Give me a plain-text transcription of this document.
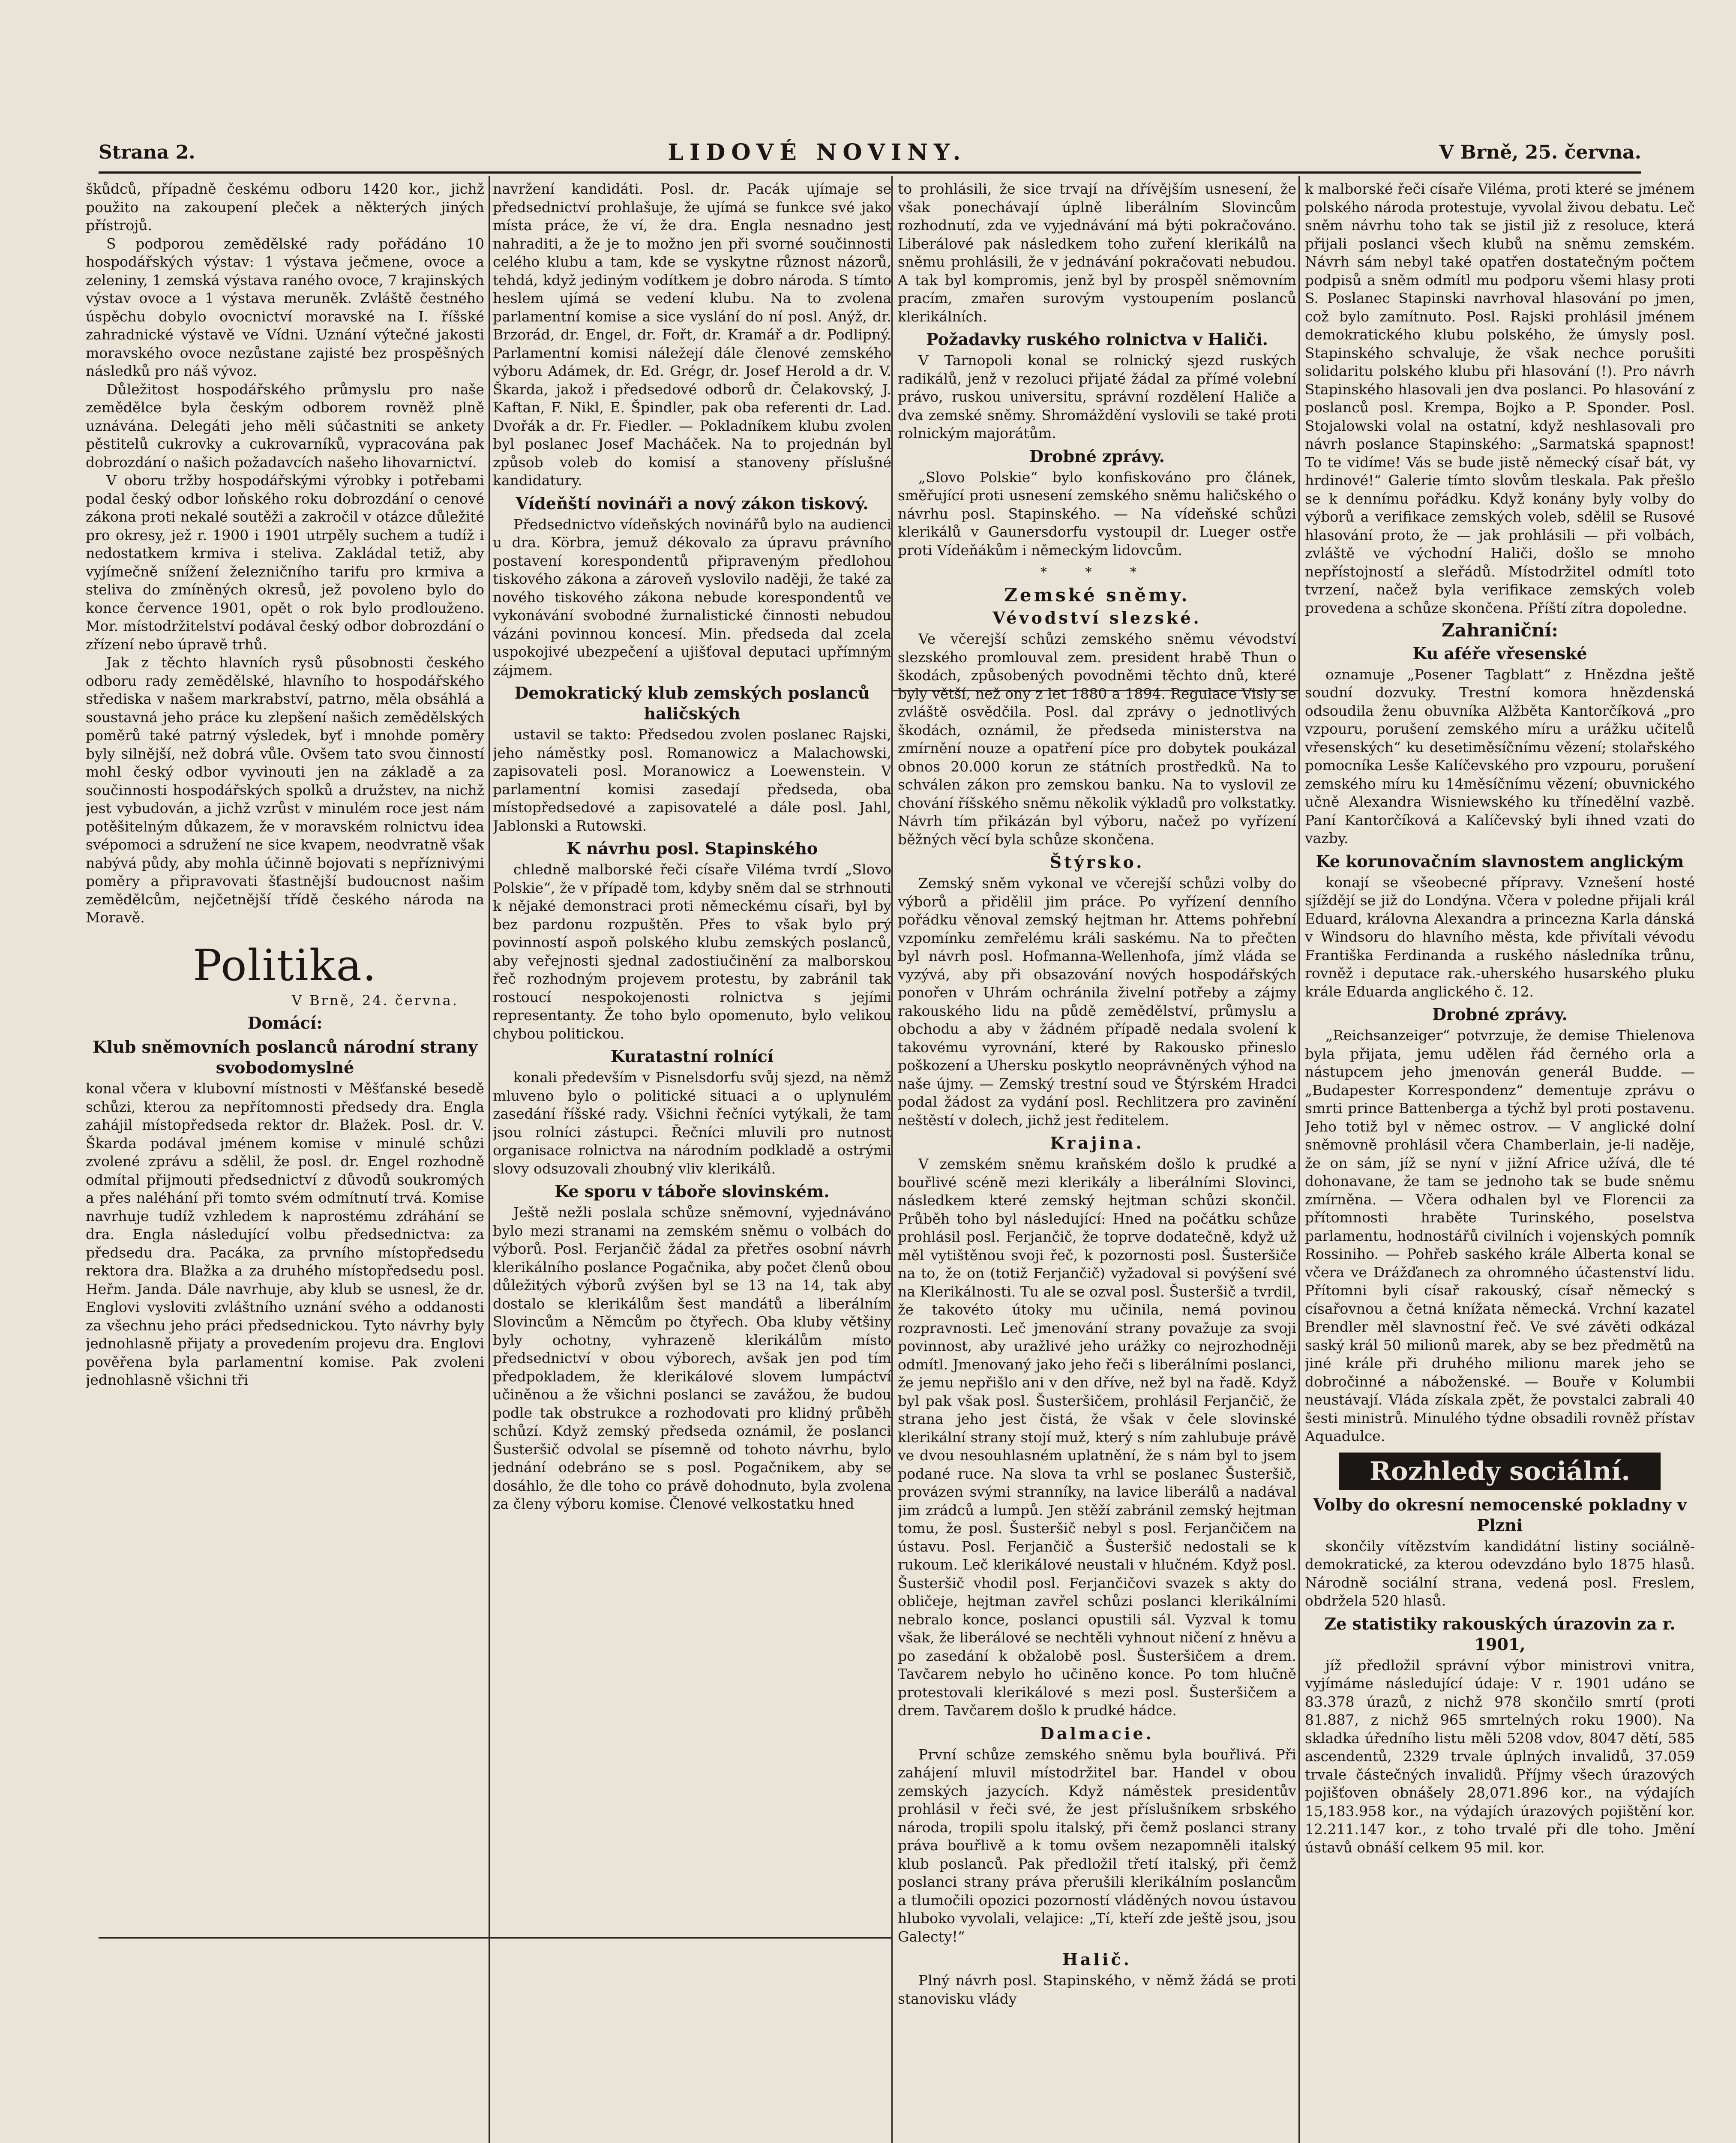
Strana 2.	LIDOVÉ NOVINY.	V Brně, 25. června.

škůdců, případně českému odboru 1420 kor., jichž použito na zakoupení pleček a některých jiných přístrojů.

S podporou zemědělské rady pořádáno 10 hospodářských výstav: 1 výstava ječmene, ovoce a zeleniny, 1 zemská výstava raného ovoce, 7 krajinských výstav ovoce a 1 výstava meruněk. Zvláště čestného úspěchu dobylo ovocnictví moravské na I. říšské zahradnické výstavě ve Vídni. Uznání výtečné jakosti moravského ovoce nezůstane zajisté bez prospěšných následků pro náš vývoz.

Důležitost hospodářského průmyslu pro naše zemědělce byla českým odborem rovněž plně uznávána. Delegáti jeho měli súčastniti se ankety pěstitelů cukrovky a cukrovarníků, vypracována pak dobrozdání o našich požadavcích našeho lihovarnictví.

V oboru tržby hospodářskými výrobky i potřebami podal český odbor loňského roku dobrozdání o cenové zákona proti nekalé soutěži a zakročil v otázce důležité pro okresy, jež r. 1900 i 1901 utrpěly suchem a tudíž i nedostatkem krmiva i steliva. Zakládal tetiž, aby vyjímečně snížení železničního tarifu pro krmiva a steliva do zmíněných okresů, jež povoleno bylo do konce července 1901, opět o rok bylo prodlouženo. Mor. místodržitelství podával český odbor dobrozdání o zřízení nebo úpravě trhů.

Jak z těchto hlavních rysů působnosti českého odboru rady zemědělské, hlavního to hospodářského střediska v našem markrabství, patrno, měla obsáhlá a soustavná jeho práce ku zlepšení našich zemědělských poměrů také patrný výsledek, byť i mnohde poměry byly silnější, než dobrá vůle. Ovšem tato svou činností mohl český odbor vyvinouti jen na základě a za součinnosti hospodářských spolků a družstev, na nichž jest vybudován, a jichž vzrůst v minulém roce jest nám potěšitelným důkazem, že v moravském rolnictvu idea svépomoci a sdružení ne sice kvapem, neodvratně však nabývá půdy, aby mohla účinně bojovati s nepříznivými poměry a připravovati šťastnější budoucnost našim zemědělcům, nejčetnější třídě českého národa na Moravě.

Politika.
V Brně, 24. června.
Domácí:
Klub sněmovních poslanců národní strany svobodomyslné

konal včera v klubovní místnosti v Měšťanské besedě schůzi, kterou za nepřítomnosti předsedy dra. Engla zahájil místopředseda rektor dr. Blažek. Posl. dr. V. Škarda podával jménem komise v minulé schůzi zvolené zprávu a sdělil, že posl. dr. Engel rozhodně odmítal přijmouti předsednictví z důvodů soukromých a přes naléhání při tomto svém odmítnutí trvá. Komise navrhuje tudíž vzhledem k naprostému zdráhání se dra. Engla následující volbu předsednictva: za předsedu dra. Pacáka, za prvního místopředsedu rektora dra. Blažka a za druhého místopředsedu posl. Heřm. Janda. Dále navrhuje, aby klub se usnesl, že dr. Englovi vysloviti zvláštního uznání svého a oddanosti za všechnu jeho práci předsednickou. Tyto návrhy byly jednohlasně přijaty a provedením projevu dra. Englovi pověřena byla parlamentní komise. Pak zvoleni jednohlasně všichni tři

navržení kandidáti. Posl. dr. Pacák ujímaje se předsednictví prohlašuje, že ujímá se funkce své jako místa práce, že ví, že dra. Engla nesnadno jest nahraditi, a že je to možno jen při svorné součinnosti celého klubu a tam, kde se vyskytne různost názorů, tehdá, když jediným vodítkem je dobro národa. S tímto heslem ujímá se vedení klubu. Na to zvolena parlamentní komise a sice vyslání do ní posl. Anýž, dr. Brzorád, dr. Engel, dr. Fořt, dr. Kramář a dr. Podlipný. Parlamentní komisi náležejí dále členové zemského výboru Adámek, dr. Ed. Grégr, dr. Josef Herold a dr. V. Škarda, jakož i předsedové odborů dr. Čelakovský, J. Kaftan, F. Nikl, E. Špindler, pak oba referenti dr. Lad. Dvořák a dr. Fr. Fiedler. — Pokladníkem klubu zvolen byl poslanec Josef Macháček. Na to projednán byl způsob voleb do komisí a stanoveny příslušné kandidatury.

Vídeňští novináři a nový zákon tiskový.

Předsednictvo vídeňských novinářů bylo na audienci u dra. Körbra, jemuž dékovalo za úpravu právního postavení korespondentů připraveným předlohou tiskového zákona a zároveň vyslovilo naději, že také za nového tiskového zákona nebude korespondentů ve vykonávání svobodné žurnalistické činnosti nebudou vázáni povinnou koncesí. Min. předseda dal zcela uspokojivé ubezpečení a ujišťoval deputaci upřímným zájmem.

Demokratický klub zemských poslanců haličských

ustavil se takto: Předsedou zvolen poslanec Rajski, jeho náměstky posl. Romanowicz a Malachowski, zapisovateli posl. Moranowicz a Loewenstein. V parlamentní komisi zasedají předseda, oba místopředsedové a zapisovatelé a dále posl. Jahl, Jablonski a Rutowski.

K návrhu posl. Stapinského

chledně malborské řeči císaře Viléma tvrdí „Slovo Polskie“, že v případě tom, kdyby sněm dal se strhnouti k nějaké demonstraci proti německému císaři, byl by bez pardonu rozpuštěn. Přes to však bylo prý povinností aspoň polského klubu zemských poslanců, aby veřejnosti sjednal zadostiučinění za malborskou řeč rozhodným projevem protestu, by zabránil tak rostoucí nespokojenosti rolnictva s jejími representanty. Že toho bylo opomenuto, bylo velikou chybou politickou.

Kuratastní rolnící

konali především v Pisnelsdorfu svůj sjezd, na němž mluveno bylo o politické situaci a o uplynulém zasedání říšské rady. Všichni řečníci vytýkali, že tam jsou rolníci zástupci. Řečníci mluvili pro nutnost organisace rolnictva na národním podkladě a ostrými slovy odsuzovali zhoubný vliv klerikálů.

Ke sporu v táboře slovinském.

Ještě nežli poslala schůze sněmovní, vyjednáváno bylo mezi stranami na zemském sněmu o volbách do výborů. Posl. Ferjančič žádal za přetřes osobní návrh klerikálního poslance Pogačnika, aby počet členů obou důležitých výborů zvýšen byl se 13 na 14, tak aby dostalo se klerikálům šest mandátů a liberálním Slovincům a Němcům po čtyřech. Oba kluby většiny byly ochotny, vyhrazeně klerikálům místo předsednictví v obou výborech, avšak jen pod tím předpokladem, že klerikálové slovem lumpáctví učiněnou a že všichni poslanci se zavážou, že budou podle tak obstrukce a rozhodovati pro klidný průběh schůzí. Když zemský předseda oznámil, že poslanci Šusteršič odvolal se písemně od tohoto návrhu, bylo jednání odebráno se s posl. Pogačnikem, aby se dosáhlo, že dle toho co právě dohodnuto, byla zvolena za členy výboru komise. Členové velkostatku hned

to prohlásili, že sice trvají na dřívějším usnesení, že však ponechávají úplně liberálním Slovincům rozhodnutí, zda ve vyjednávání má býti pokračováno. Liberálové pak následkem toho zuření klerikálů na sněmu prohlásili, že v jednávání pokračovati nebudou. A tak byl kompromis, jenž byl by prospěl sněmovním pracím, zmařen surovým vystoupením poslanců klerikálních.

Požadavky ruského rolnictva v Haliči.

V Tarnopoli konal se rolnický sjezd ruských radikálů, jenž v rezoluci přijaté žádal za přímé volební právo, ruskou universitu, správní rozdělení Haliče a dva zemské sněmy. Shromáždění vyslovili se také proti rolnickým majorátům.

Drobné zprávy.

„Slovo Polskie“ bylo konfiskováno pro článek, směřující proti usnesení zemského sněmu haličského o návrhu posl. Stapinského. — Na vídeňské schůzi klerikálů v Gaunersdorfu vystoupil dr. Lueger ostře proti Vídeňákům i německým lidovcům.

* * *
Zemské sněmy.
Vévodství slezské.

Ve včerejší schůzi zemského sněmu vévodství slezského promlouval zem. president hrabě Thun o škodách, způsobených povodněmi těchto dnů, které byly větší, než ony z let 1880 a 1894. Regulace Visly se zvláště osvědčila. Posl. dal zprávy o jednotlivých škodách, oznámil, že předseda ministerstva na zmírnění nouze a opatření píce pro dobytek poukázal obnos 20.000 korun ze státních prostředků. Na to schválen zákon pro zemskou banku. Na to vyslovil ze chování říšského sněmu několik výkladů pro volkstatky. Návrh tím přikázán byl výboru, načež po vyřízení běžných věcí byla schůze skončena.

Štýrsko.

Zemský sněm vykonal ve včerejší schůzi volby do výborů a přidělil jim práce. Po vyřízení denního pořádku věnoval zemský hejtman hr. Attems pohřební vzpomínku zemřelému králi saskému. Na to přečten byl návrh posl. Hofmanna-Wellenhofa, jímž vláda se vyzývá, aby při obsazování nových hospodářských ponořen v Uhrám ochránila živelní potřeby a zájmy rakouského lidu na půdě zemědělství, průmyslu a obchodu a aby v žádném případě nedala svolení k takovému vyrovnání, které by Rakousko přineslo poškození a Uhersku poskytlo neoprávněných výhod na naše újmy. — Zemský trestní soud ve Štýrském Hradci podal žádost za vydání posl. Rechlitzera pro zavinění neštěstí v dolech, jichž jest ředitelem.

Krajina.

V zemském sněmu kraňském došlo k prudké a bouřlivé scéně mezi klerikály a liberálními Slovinci, následkem které zemský hejtman schůzi skončil. Průběh toho byl následující: Hned na počátku schůze prohlásil posl. Ferjančič, že toprve dodatečně, když už měl vytištěnou svoji řeč, k pozornosti posl. Šusteršiče na to, že on (totiž Ferjančič) vyžadoval si povýšení své na Klerikálnosti. Tu ale se ozval posl. Šusteršič a tvrdil, že takovéto útoky mu učinila, nemá povinou rozpravnosti. Leč jmenování strany považuje za svoji povinnost, aby uražlivé jeho urážky co nejrozhodněji odmítl. Jmenovaný jako jeho řeči s liberálními poslanci, že jemu nepřišlo ani v den dříve, než byl na řadě. Když byl pak však posl. Šusteršičem, prohlásil Ferjančič, že strana jeho jest čistá, že však v čele slovinské klerikální strany stojí muž, který s ním zahlubuje právě ve dvou nesouhlasném uplatnění, že s nám byl to jsem podané ruce. Na slova ta vrhl se poslanec Šusteršič, provázen svými stranníky, na lavice liberálů a nadával jim zrádců a lumpů. Jen stěží zabránil zemský hejtman tomu, že posl. Šusteršič nebyl s posl. Ferjančičem na ústavu. Posl. Ferjančič a Šusteršič nedostali se k rukoum. Leč klerikálové neustali v hlučném. Když posl. Šusteršič vhodil posl. Ferjančičovi svazek s akty do obličeje, hejtman zavřel schůzi poslanci klerikálními nebralo konce, poslanci opustili sál. Vyzval k tomu však, že liberálové se nechtěli vyhnout ničení z hněvu a po zasedání k obžalobě posl. Šusteršičem a drem. Tavčarem nebylo ho učiněno konce. Po tom hlučně protestovali klerikálové s mezi posl. Šusteršičem a drem. Tavčarem došlo k prudké hádce.

Dalmacie.

První schůze zemského sněmu byla bouřlivá. Při zahájení mluvil místodržitel bar. Handel v obou zemských jazycích. Když náměstek presidentův prohlásil v řeči své, že jest příslušníkem srbského národa, tropili spolu italský, při čemž poslanci strany práva bouřlivě a k tomu ovšem nezapomněli italský klub poslanců. Pak předložil třetí italský, při čemž poslanci strany práva přerušili klerikálním poslancům a tlumočili opozici pozorností vláděných novou ústavou hluboko vyvolali, velajice: „Tí, kteří zde ještě jsou, jsou Galecty!“

Halič.

Plný návrh posl. Stapinského, v němž žádá se proti stanovisku vlády

k malborské řeči císaře Viléma, proti které se jménem polského národa protestuje, vyvolal živou debatu. Leč sněm návrhu toho tak se jistil již z resoluce, která přijali poslanci všech klubů na sněmu zemském. Návrh sám nebyl také opatřen dostatečným počtem podpisů a sněm odmítl mu podporu všemi hlasy proti S. Poslanec Stapinski navrhoval hlasování po jmen, což bylo zamítnuto. Posl. Rajski prohlásil jménem demokratického klubu polského, že úmysly posl. Stapinského schvaluje, že však nechce porušiti solidaritu polského klubu při hlasování (!). Pro návrh Stapinského hlasovali jen dva poslanci. Po hlasování z poslanců posl. Krempa, Bojko a P. Sponder. Posl. Stojalowski volal na ostatní, když neshlasovali pro návrh poslance Stapinského: „Sarmatská spapnost! To te vidíme! Vás se bude jistě německý císař bát, vy hrdinové!“ Galerie tímto slovům tleskala. Pak přešlo se k dennímu pořádku. Když konány byly volby do výborů a verifikace zemských voleb, sdělil se Rusové hlasování proto, že — jak prohlásili — při volbách, zvláště ve východní Haliči, došlo se mnoho nepřístojností a sleřádů. Místodržitel odmítl toto tvrzení, načež byla verifikace zemských voleb provedena a schůze skončena. Příští zítra dopoledne.

Zahraniční:
Ku aféře vřesenské

oznamuje „Posener Tagblatt“ z Hnězdna ještě soudní dozvuky. Trestní komora hnězdenská odsoudila ženu obuvníka Alžběta Kantorčíková „pro vzpouru, porušení zemského míru a urážku učitelů vřesenských“ ku desetiměsíčnímu vězení; stolařského pomocníka Lesše Kalíčevského pro vzpouru, porušení zemského míru ku 14měsíčnímu vězení; obuvnického učně Alexandra Wisniewského ku třínedělní vazbě. Paní Kantorčíková a Kalíčevský byli ihned vzati do vazby.

Ke korunovačním slavnostem anglickým

konají se všeobecné přípravy. Vznešení hosté sjíždějí se již do Londýna. Včera v poledne přijali král Eduard, královna Alexandra a princezna Karla dánská v Windsoru do hlavního města, kde přivítali vévodu Františka Ferdinanda a ruského následníka trůnu, rovněž i deputace rak.-uherského husarského pluku krále Eduarda anglického č. 12.

Drobné zprávy.

„Reichsanzeiger“ potvrzuje, že demise Thielenova byla přijata, jemu udělen řád černého orla a nástupcem jeho jmenován generál Budde. — „Budapester Korrespondenz“ dementuje zprávu o smrti prince Battenberga a týchž byl proti postavenu. Jeho totiž byl v němec ostrov. — V anglické dolní sněmovně prohlásil včera Chamberlain, je-li naděje, že on sám, jíž se nyní v jižní Africe užívá, dle té dohonavane, že tam se jednoho tak se bude sněmu zmírněna. — Včera odhalen byl ve Florencii za přítomnosti hraběte Turinského, poselstva parlamentu, hodnostářů civilních i vojenských pomník Rossiniho. — Pohřeb saského krále Alberta konal se včera ve Drážďanech za ohromného účastenství lidu. Přítomni byli císař rakouský, císař německý s císařovnou a četná knížata německá. Vrchní kazatel Brendler měl slavnostní řeč. Ve své závěti odkázal saský král 50 milionů marek, aby se bez předmětů na jiné krále při druhého milionu marek jeho se dobročinné a náboženské. — Bouře v Kolumbii neustávají. Vláda získala zpět, že povstalci zabrali 40 šesti ministrů. Minulého týdne obsadili rovněž přístav Aquadulce.

Rozhledy sociální.
Volby do okresní nemocenské pokladny v Plzni

skončily vítězstvím kandidátní listiny sociálně-demokratické, za kterou odevzdáno bylo 1875 hlasů. Národně sociální strana, vedená posl. Freslem, obdržela 520 hlasů.

Ze statistiky rakouských úrazovin za r. 1901,

jíž předložil správní výbor ministrovi vnitra, vyjímáme následující údaje: V r. 1901 udáno se 83.378 úrazů, z nichž 978 skončilo smrtí (proti 81.887, z nichž 965 smrtelných roku 1900). Na skladka úředního listu měli 5208 vdov, 8047 dětí, 585 ascendentů, 2329 trvale úplných invalidů, 37.059 trvale částečných invalidů. Příjmy všech úrazových pojišťoven obnášely 28,071.896 kor., na výdajích 15,183.958 kor., na výdajích úrazových pojištění kor. 12.211.147 kor., z toho trvalé při dle toho. Jmění ústavů obnáší celkem 95 mil. kor.
